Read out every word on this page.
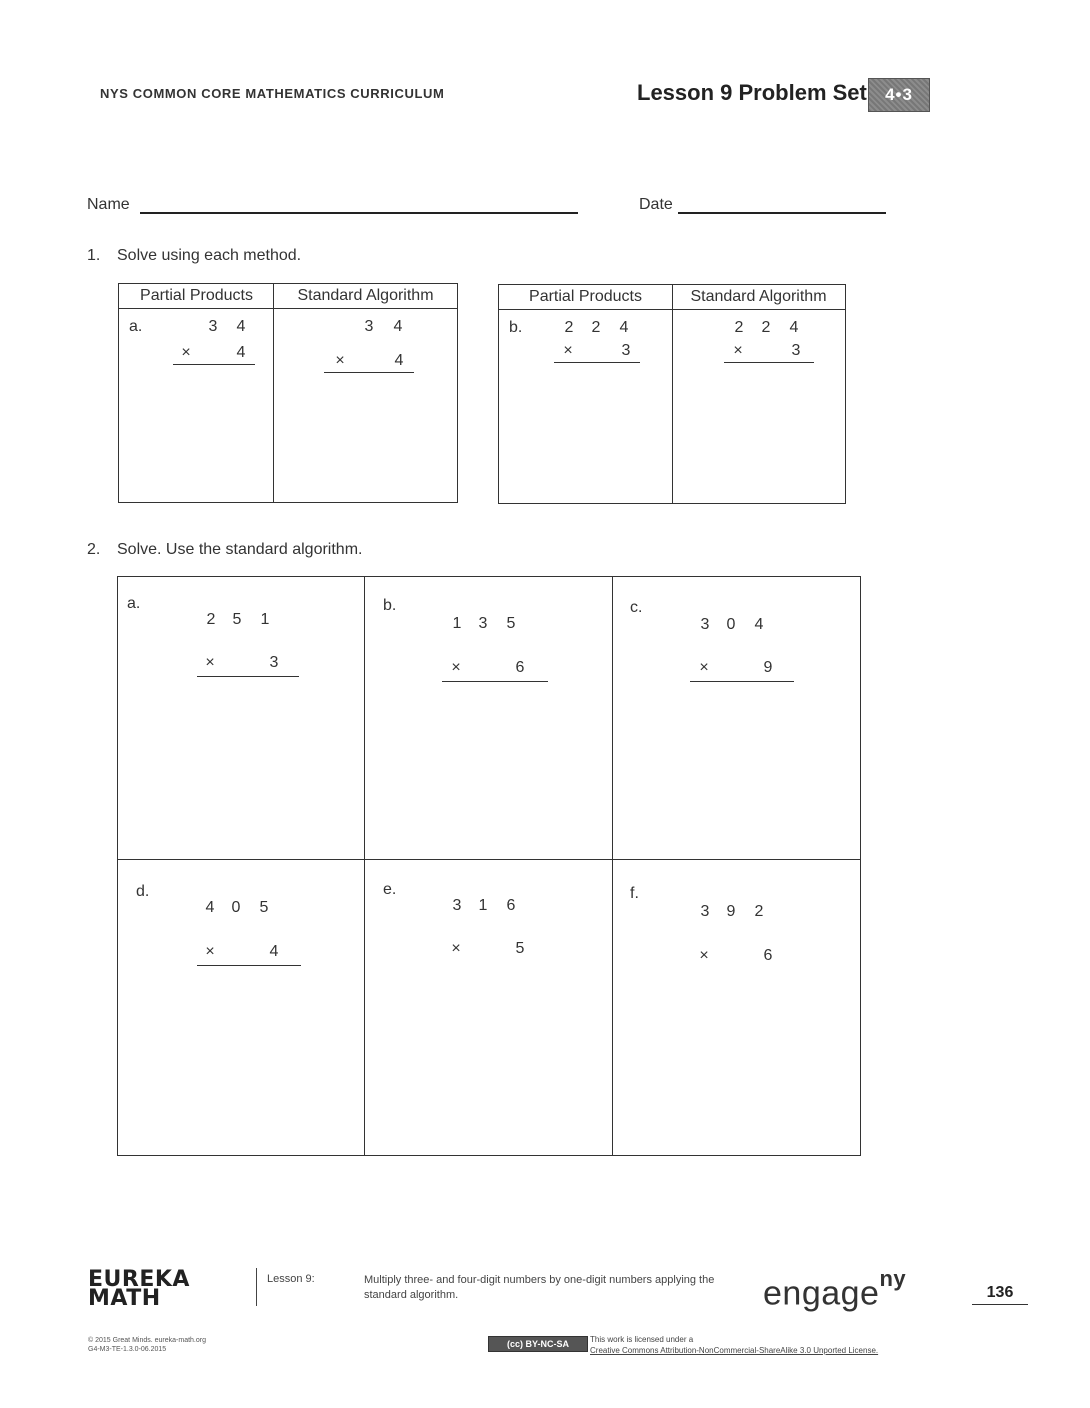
NYS COMMON CORE MATHEMATICS CURRICULUM	Lesson 9 Problem Set	4•3
Name	Date
1. Solve using each method.
Partial Products	Standard Algorithm
a.	3 4
×	4
3 4
×	4
Partial Products	Standard Algorithm
b.	2 2 4
×	3
2 2 4
×	3
2. Solve. Use the standard algorithm.
a.
2 5 1
×	3
b.
1 3 5
×	6
c.
3 0 4
×	9
d.
4 0 5
×	4
e.
3 1 6
×	5
f.
3 9 2
×	6
EUREKA
MATH
Lesson 9:	Multiply three- and four-digit numbers by one-digit numbers applying the standard algorithm.	engage$^{ny}$
136
© 2015 Great Minds. eureka-math.org
G4-M3-TE-1.3.0-06.2015
(cc) BY-NC-SA	This work is licensed under a
Creative Commons Attribution-NonCommercial-ShareAlike 3.0 Unported License.
